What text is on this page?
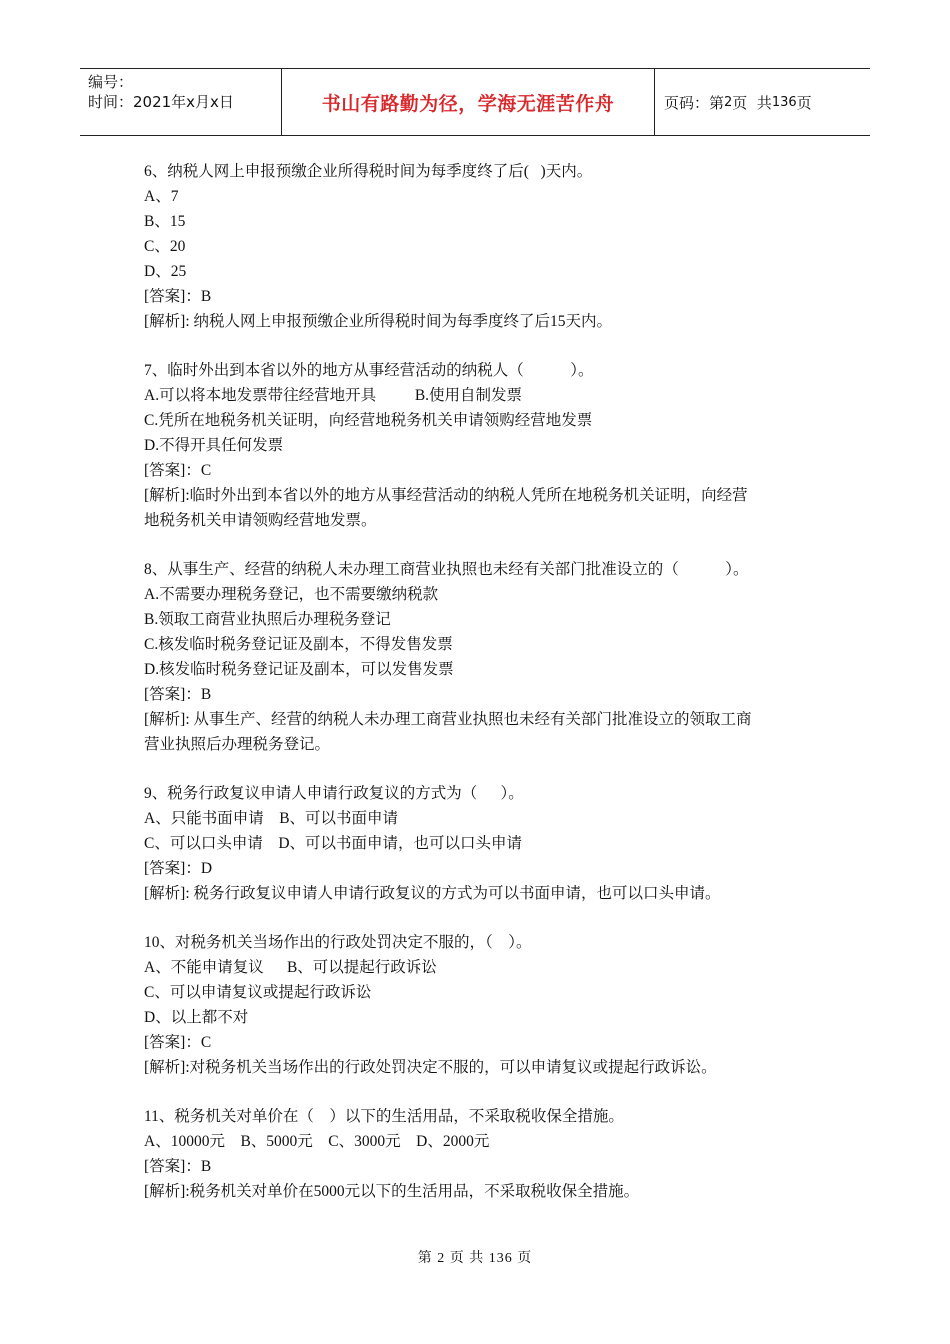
编号：
时间：2021年x月x日	书山有路勤为径，学海无涯苦作舟	页码：第 2 页  共 136 页
6、纳税人网上申报预缴企业所得税时间为每季度终了后(   )天内。
A、7
B、15
C、20
D、25
[答案]：B
[解析]: 纳税人网上申报预缴企业所得税时间为每季度终了后15天内。
7、临时外出到本省以外的地方从事经营活动的纳税人（            ）。
A.可以将本地发票带往经营地开具          B.使用自制发票
C.凭所在地税务机关证明，向经营地税务机关申请领购经营地发票
D.不得开具任何发票
[答案]：C
[解析]:临时外出到本省以外的地方从事经营活动的纳税人凭所在地税务机关证明，向经营
地税务机关申请领购经营地发票。
8、从事生产、经营的纳税人未办理工商营业执照也未经有关部门批准设立的（            ）。
A.不需要办理税务登记，也不需要缴纳税款
B.领取工商营业执照后办理税务登记
C.核发临时税务登记证及副本，不得发售发票
D.核发临时税务登记证及副本，可以发售发票
[答案]：B
[解析]: 从事生产、经营的纳税人未办理工商营业执照也未经有关部门批准设立的领取工商
营业执照后办理税务登记。
9、税务行政复议申请人申请行政复议的方式为（      ）。
A、只能书面申请    B、可以书面申请
C、可以口头申请    D、可以书面申请，也可以口头申请
[答案]：D
[解析]: 税务行政复议申请人申请行政复议的方式为可以书面申请，也可以口头申请。
10、对税务机关当场作出的行政处罚决定不服的，（    ）。
A、不能申请复议      B、可以提起行政诉讼
C、可以申请复议或提起行政诉讼
D、以上都不对
[答案]：C
[解析]:对税务机关当场作出的行政处罚决定不服的，可以申请复议或提起行政诉讼。
11、税务机关对单价在（    ）以下的生活用品，不采取税收保全措施。
A、10000元    B、5000元    C、3000元    D、2000元
[答案]：B
[解析]:税务机关对单价在5000元以下的生活用品，不采取税收保全措施。
第 2 页 共 136 页
